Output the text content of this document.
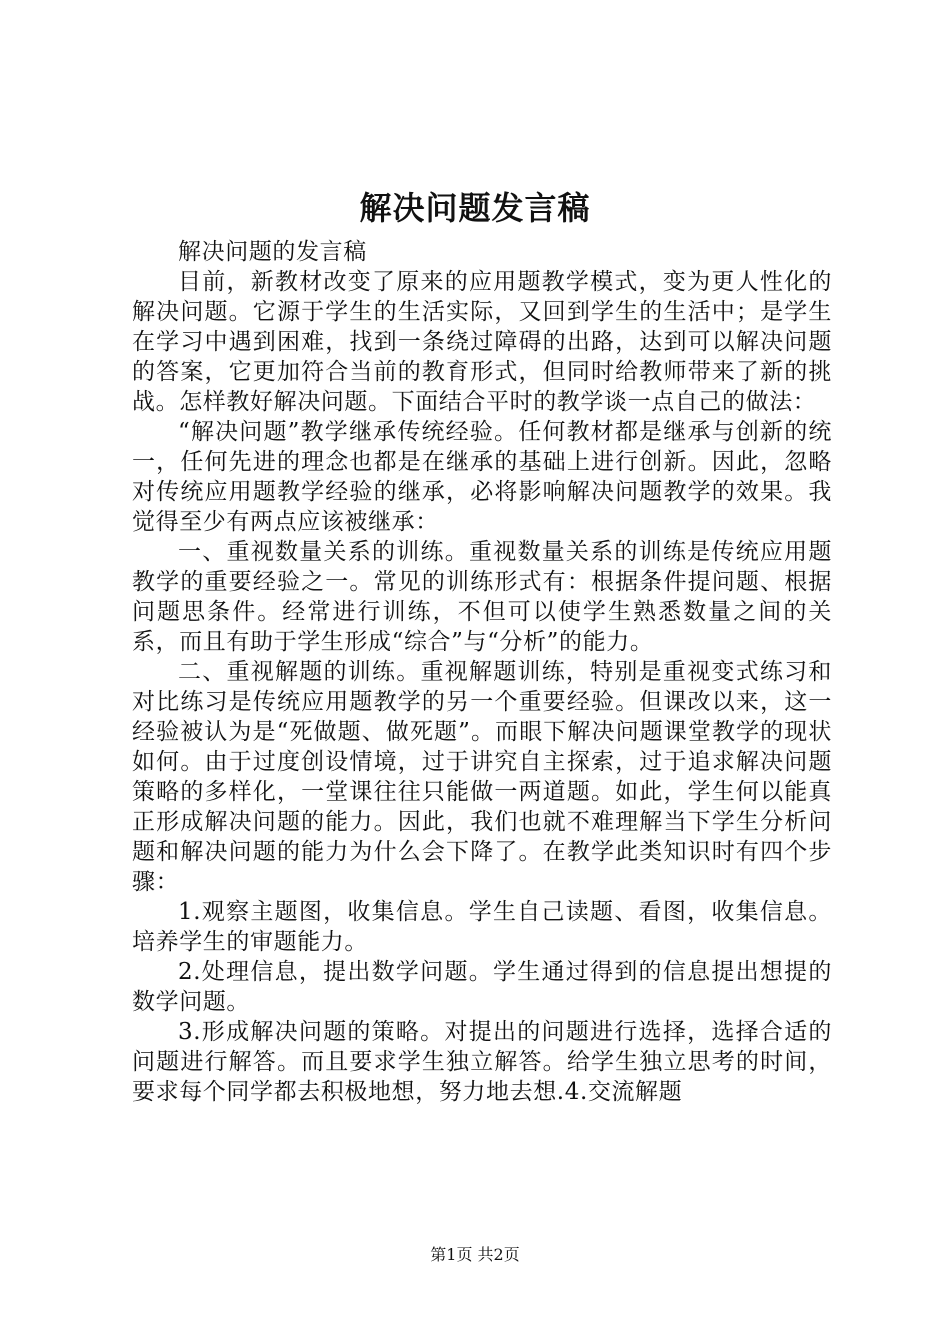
解决问题发言稿

解决问题的发言稿

目前，新教材改变了原来的应用题教学模式，变为更人性化的解决问题。它源于学生的生活实际，又回到学生的生活中；是学生在学习中遇到困难，找到一条绕过障碍的出路，达到可以解决问题的答案，它更加符合当前的教育形式，但同时给教师带来了新的挑战。怎样教好解决问题。下面结合平时的教学谈一点自己的做法：

“解决问题”教学继承传统经验。任何教材都是继承与创新的统一，任何先进的理念也都是在继承的基础上进行创新。因此，忽略对传统应用题教学经验的继承，必将影响解决问题教学的效果。我觉得至少有两点应该被继承：

一、重视数量关系的训练。重视数量关系的训练是传统应用题教学的重要经验之一。常见的训练形式有：根据条件提问题、根据问题思条件。经常进行训练，不但可以使学生熟悉数量之间的关系，而且有助于学生形成“综合”与“分析”的能力。

二、重视解题的训练。重视解题训练，特别是重视变式练习和对比练习是传统应用题教学的另一个重要经验。但课改以来，这一经验被认为是“死做题、做死题”。而眼下解决问题课堂教学的现状如何。由于过度创设情境，过于讲究自主探索，过于追求解决问题策略的多样化，一堂课往往只能做一两道题。如此，学生何以能真正形成解决问题的能力。因此，我们也就不难理解当下学生分析问题和解决问题的能力为什么会下降了。在教学此类知识时有四个步骤：

1.观察主题图，收集信息。学生自己读题、看图，收集信息。培养学生的审题能力。

2.处理信息，提出数学问题。学生通过得到的信息提出想提的数学问题。

3.形成解决问题的策略。对提出的问题进行选择，选择合适的问题进行解答。而且要求学生独立解答。给学生独立思考的时间，要求每个同学都去积极地想，努力地去想.4.交流解题

第1页 共2页
